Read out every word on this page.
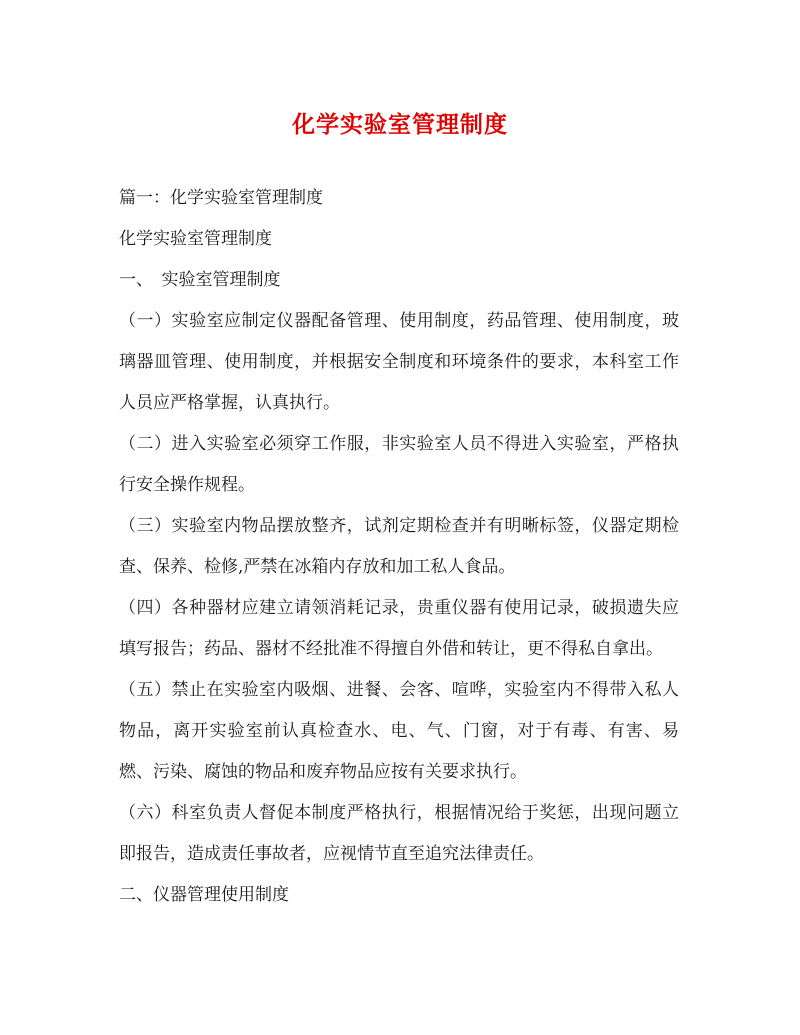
化学实验室管理制度

篇一：化学实验室管理制度

化学实验室管理制度

一、　实验室管理制度

（一）实验室应制定仪器配备管理、使用制度，药品管理、使用制度，玻璃器皿管理、使用制度，并根据安全制度和环境条件的要求，本科室工作人员应严格掌握，认真执行。

（二）进入实验室必须穿工作服，非实验室人员不得进入实验室，严格执行安全操作规程。

（三）实验室内物品摆放整齐，试剂定期检查并有明晰标签，仪器定期检查、保养、检修,严禁在冰箱内存放和加工私人食品。

（四）各种器材应建立请领消耗记录，贵重仪器有使用记录，破损遗失应填写报告；药品、器材不经批准不得擅自外借和转让，更不得私自拿出。

（五）禁止在实验室内吸烟、进餐、会客、喧哗，实验室内不得带入私人物品，离开实验室前认真检查水、电、气、门窗，对于有毒、有害、易燃、污染、腐蚀的物品和废弃物品应按有关要求执行。

（六）科室负责人督促本制度严格执行，根据情况给于奖惩，出现问题立即报告，造成责任事故者，应视情节直至追究法律责任。

二、仪器管理使用制度
